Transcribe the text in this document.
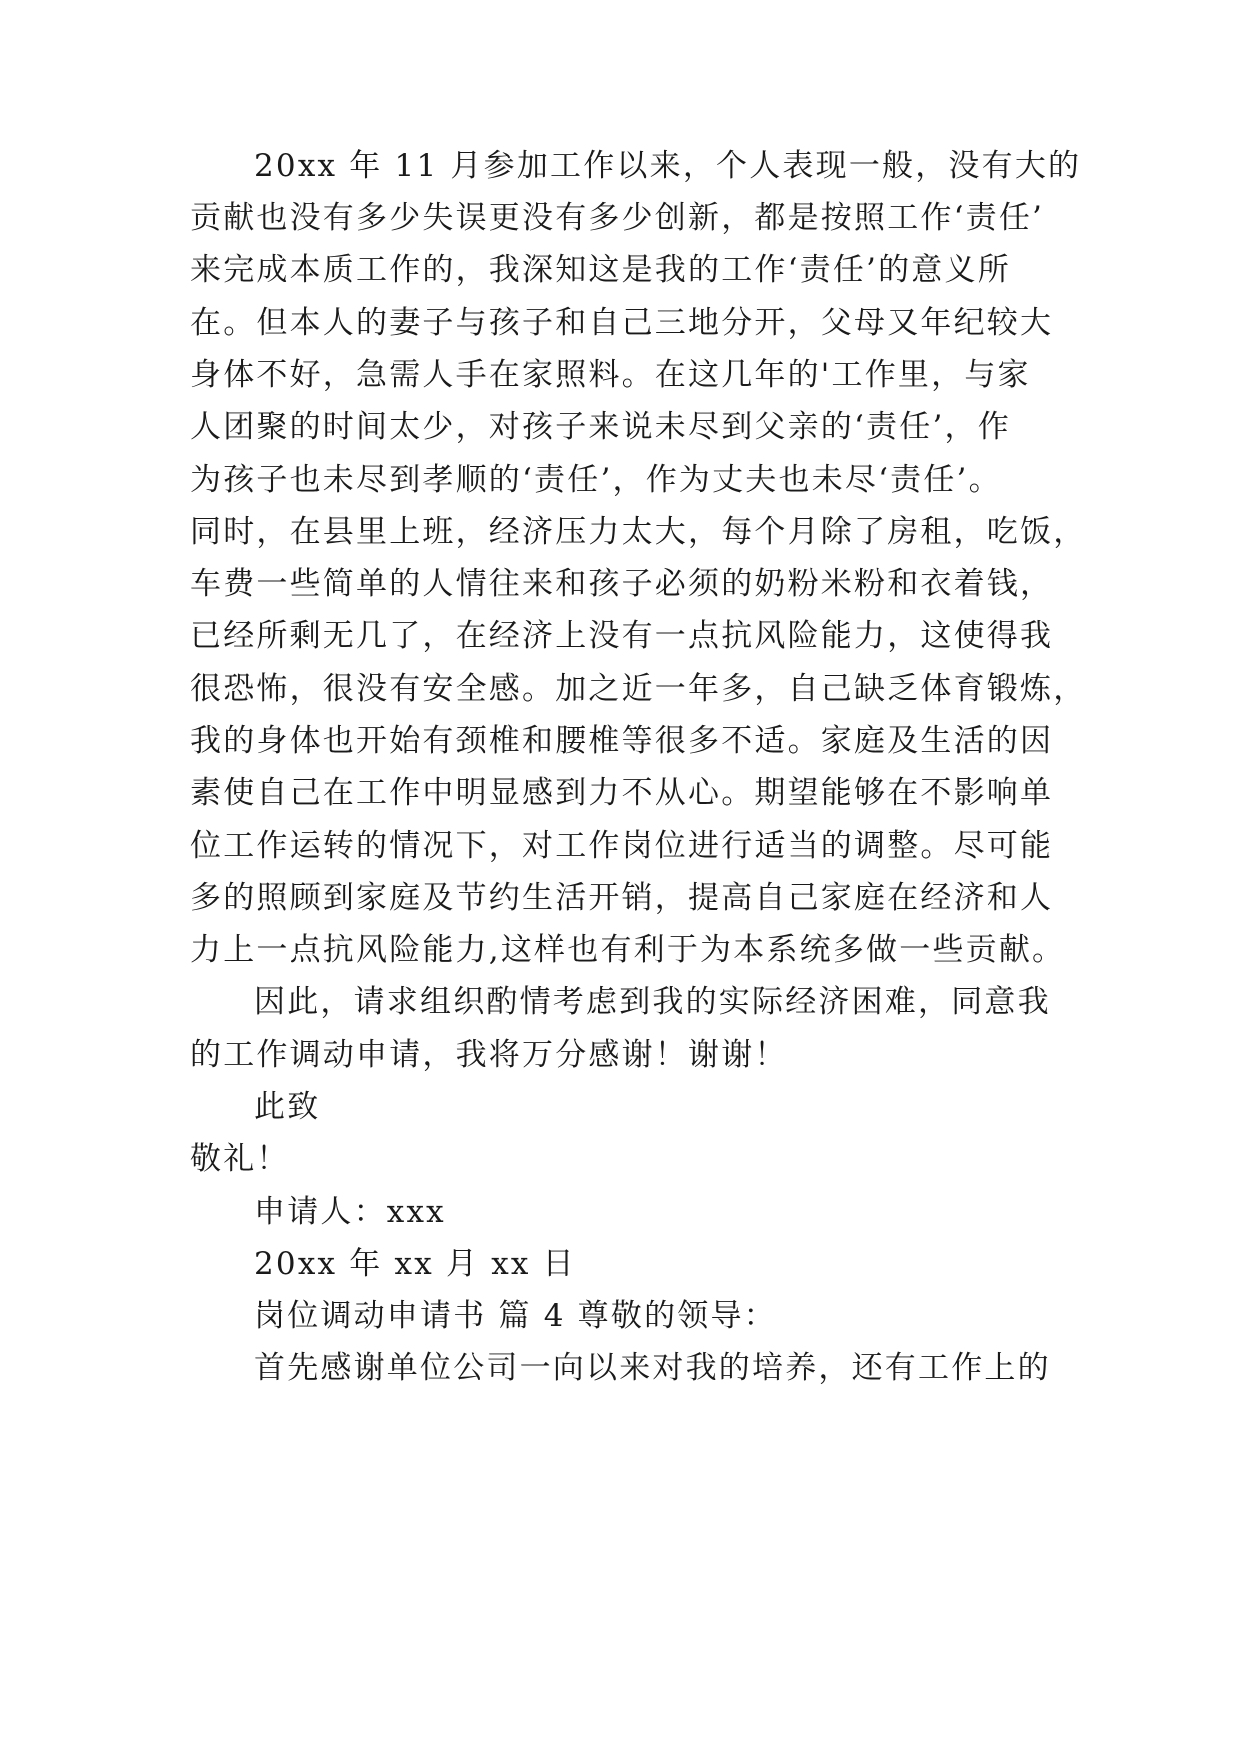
20xx 年 11 月参加工作以来，个人表现一般，没有大的
贡献也没有多少失误更没有多少创新，都是按照工作‘责任’
来完成本质工作的，我深知这是我的工作‘责任’的意义所
在。但本人的妻子与孩子和自己三地分开，父母又年纪较大
身体不好，急需人手在家照料。在这几年的'工作里，与家
人团聚的时间太少，对孩子来说未尽到父亲的‘责任’，作
为孩子也未尽到孝顺的‘责任’，作为丈夫也未尽‘责任’。
同时，在县里上班，经济压力太大，每个月除了房租，吃饭，
车费一些简单的人情往来和孩子必须的奶粉米粉和衣着钱，
已经所剩无几了，在经济上没有一点抗风险能力，这使得我
很恐怖，很没有安全感。加之近一年多，自己缺乏体育锻炼，
我的身体也开始有颈椎和腰椎等很多不适。家庭及生活的因
素使自己在工作中明显感到力不从心。期望能够在不影响单
位工作运转的情况下，对工作岗位进行适当的调整。尽可能
多的照顾到家庭及节约生活开销，提高自己家庭在经济和人
力上一点抗风险能力,这样也有利于为本系统多做一些贡献。
因此，请求组织酌情考虑到我的实际经济困难，同意我
的工作调动申请，我将万分感谢！谢谢！
此致
敬礼！
申请人：xxx
20xx 年 xx 月 xx 日
岗位调动申请书 篇 4 尊敬的领导：
首先感谢单位公司一向以来对我的培养，还有工作上的
